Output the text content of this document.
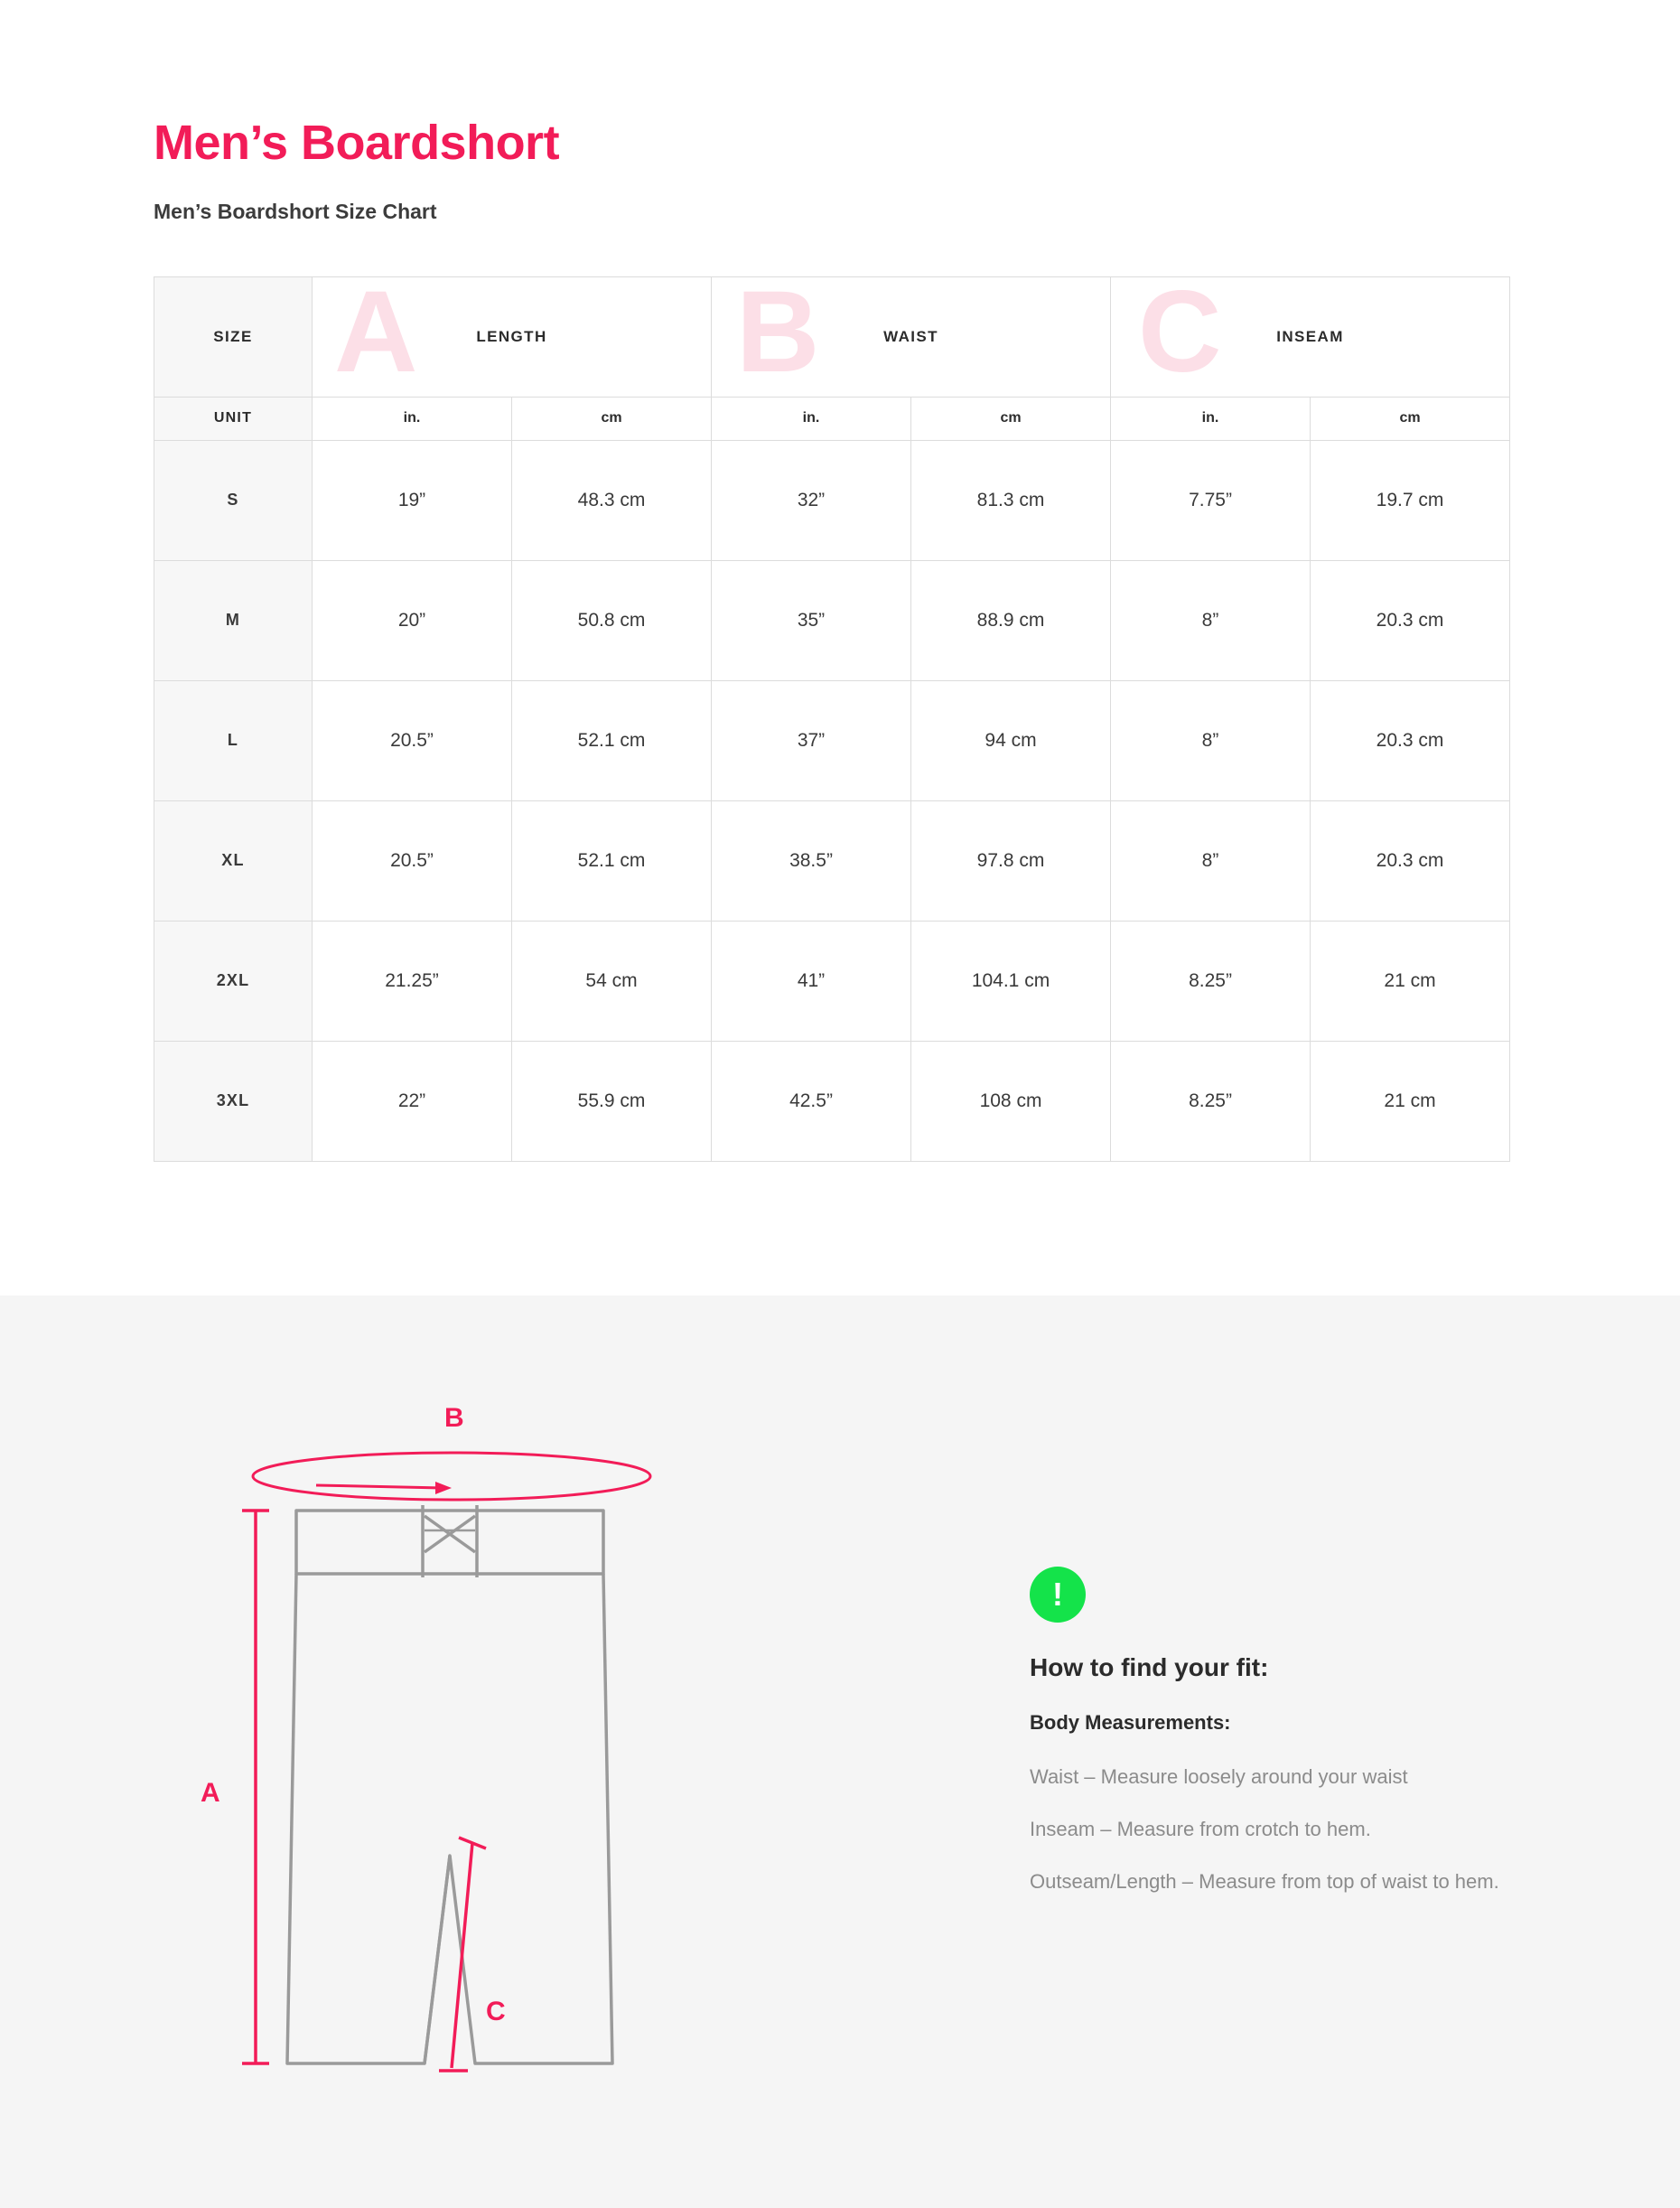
Men’s Boardshort
Men’s Boardshort Size Chart
A	B	C
SIZE	LENGTH		WAIST		INSEAM	
UNIT	in.	cm	in.	cm	in.	cm
S	19”	48.3 cm	32”	81.3 cm	7.75”	19.7 cm
M	20”	50.8 cm	35”	88.9 cm	8”	20.3 cm
L	20.5”	52.1 cm	37”	94 cm	8”	20.3 cm
XL	20.5”	52.1 cm	38.5”	97.8 cm	8”	20.3 cm
2XL	21.25”	54 cm	41”	104.1 cm	8.25”	21 cm
3XL	22”	55.9 cm	42.5”	108 cm	8.25”	21 cm
B
A
C
!
How to find your fit:
Body Measurements:

Waist – Measure loosely around your waist

Inseam – Measure from crotch to hem.

Outseam/Length – Measure from top of waist to hem.
